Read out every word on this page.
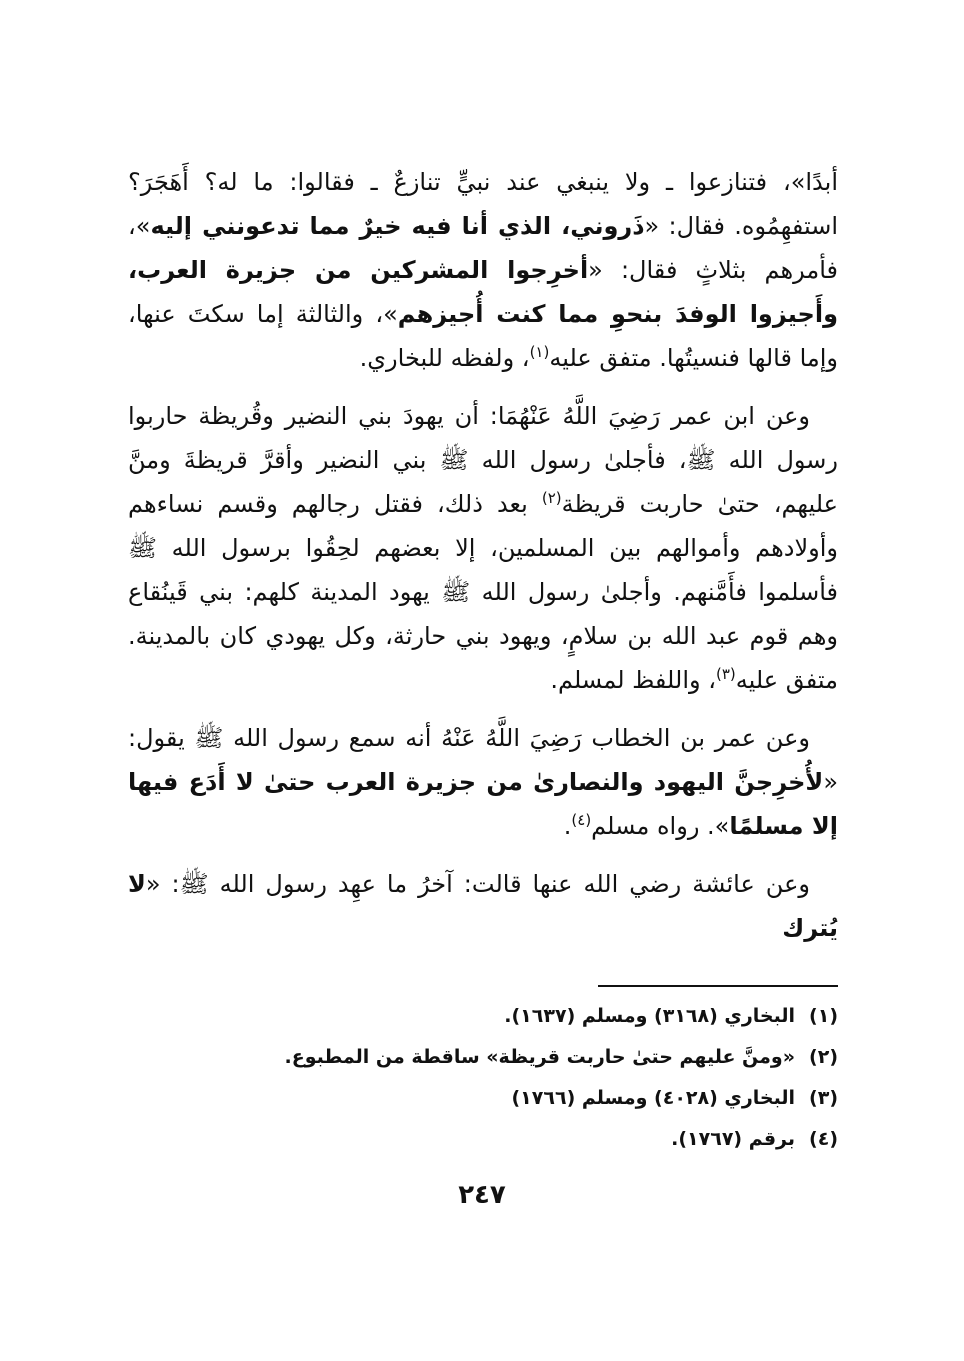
أبدًا»، فتنازعوا ـ ولا ينبغي عند نبيٍّ تنازعٌ ـ فقالوا: ما له؟ أَهَجَرَ؟ استفهِمُوه. فقال: «ذَروني، الذي أنا فيه خيرٌ مما تدعونني إليه»، فأمرهم بثلاثٍ فقال: «أخرِجوا المشركين من جزيرة العرب، وأَجيزوا الوفدَ بنحوِ مما كنت أُجيزهم»، والثالثة إما سكتَ عنها، وإما قالها فنسيتُها. متفق عليه$^{(١)}$، ولفظه للبخاري.

وعن ابن عمر رَضِيَ اللَّهُ عَنْهُمَا: أن يهودَ بني النضير وقُريظة حاربوا رسول الله ﷺ، فأجلىٰ رسول الله ﷺ بني النضير وأقرَّ قريظةَ ومنَّ عليهم، حتىٰ حاربت قريظة$^{(٢)}$ بعد ذلك، فقتل رجالهم وقسم نساءهم وأولادهم وأموالهم بين المسلمين، إلا بعضهم لحِقُوا برسول الله ﷺ فأسلموا فأَمَّنهم. وأجلىٰ رسول الله ﷺ يهود المدينة كلهم: بني قَينُقاع وهم قوم عبد الله بن سلامٍ، ويهود بني حارثة، وكل يهودي كان بالمدينة. متفق عليه$^{(٣)}$، واللفظ لمسلم.

وعن عمر بن الخطاب رَضِيَ اللَّهُ عَنْهُ أنه سمع رسول الله ﷺ يقول: «لأُخرِجنَّ اليهود والنصارىٰ من جزيرة العرب حتىٰ لا أَدَع فيها إلا مسلمًا». رواه مسلم$^{(٤)}$.

وعن عائشة رضي الله عنها قالت: آخرُ ما عهِد رسول الله ﷺ: «لا يُترك

(١)البخاري (٣١٦٨) ومسلم (١٦٣٧).
(٢)«ومنَّ عليهم حتىٰ حاربت قريظة» ساقطة من المطبوع.
(٣)البخاري (٤٠٢٨) ومسلم (١٧٦٦)
(٤)برقم (١٧٦٧).
٢٤٧
